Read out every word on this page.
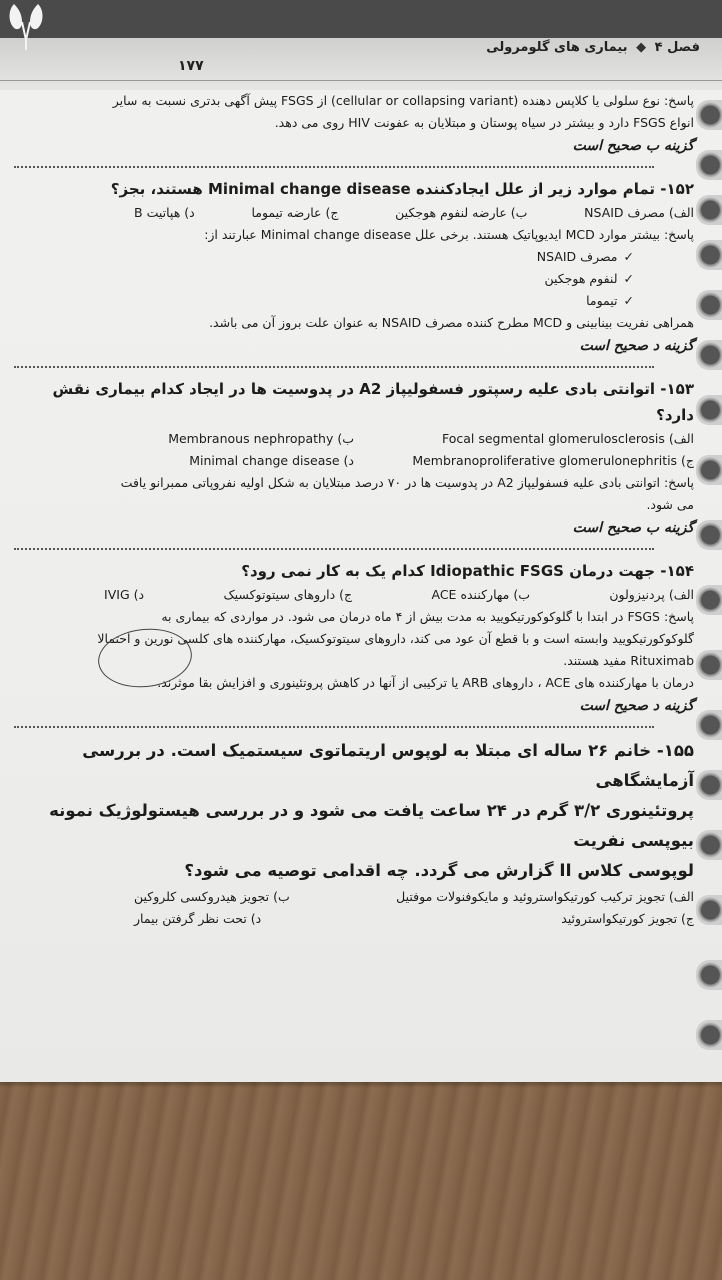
فصل ۴ ◆ بیماری های گلومرولی
۱۷۷
پاسخ: نوع سلولی یا کلاپس دهنده (cellular or collapsing variant) از FSGS پیش آگهی بدتری نسبت به سایر
انواع FSGS دارد و بیشتر در سیاه پوستان و مبتلایان به عفونت HIV روی می دهد.
گزینه ب صحیح است
۱۵۲- تمام موارد زیر از علل ایجادکننده Minimal change disease هستند، بجز؟
الف) مصرف NSAID
ب) عارضه لنفوم هوجکین
ج) عارضه تیموما
د) هپاتیت B
پاسخ: بیشتر موارد MCD ایدیوپاتیک هستند. برخی علل Minimal change disease عبارتند از:
✓مصرف NSAID
✓لنفوم هوجکین
✓تیموما
همراهی نفریت بینابینی و MCD مطرح کننده مصرف NSAID به عنوان علت بروز آن می باشد.
گزینه د صحیح است
۱۵۳- اتوانتی بادی علیه رسپتور فسفولیپاز A2 در پدوسیت ها در ایجاد کدام بیماری نقش دارد؟
الف) Focal segmental glomerulosclerosis
ب) Membranous nephropathy
ج) Membranoproliferative glomerulonephritis
د) Minimal change disease
پاسخ: اتوانتی بادی علیه فسفولیپاز A2 در پدوسیت ها در ۷۰ درصد مبتلایان به شکل اولیه نفروپاتی ممبرانو یافت
می شود.
گزینه ب صحیح است
۱۵۴- جهت درمان Idiopathic FSGS کدام یک به کار نمی رود؟
الف) پردنیزولون
ب) مهارکننده ACE
ج) داروهای سیتوتوکسیک
د) IVIG
پاسخ: FSGS در ابتدا با گلوکوکورتیکویید به مدت بیش از ۴ ماه درمان می شود. در مواردی که بیماری به
گلوکوکورتیکویید وابسته است و با قطع آن عود می کند، داروهای سیتوتوکسیک، مهارکننده های کلسی نورین و احتمالا
Rituximab مفید هستند.
درمان با مهارکننده های ACE ، داروهای ARB یا ترکیبی از آنها در کاهش پروتئینوری و افزایش بقا موثرند.
گزینه د صحیح است
۱۵۵- خانم ۲۶ ساله ای مبتلا به لوپوس اریتماتوی سیستمیک است. در بررسی آزمایشگاهی
پروتئینوری ۳/۲ گرم در ۲۴ ساعت یافت می شود و در بررسی هیستولوژیک نمونه بیوپسی نفریت
لوپوسی کلاس II گزارش می گردد. چه اقدامی توصیه می شود؟
الف) تجویز ترکیب کورتیکواستروئید و مایکوفنولات موفتیل
ب) تجویز هیدروکسی کلروکین
ج) تجویز کورتیکواستروئید
د) تحت نظر گرفتن بیمار
